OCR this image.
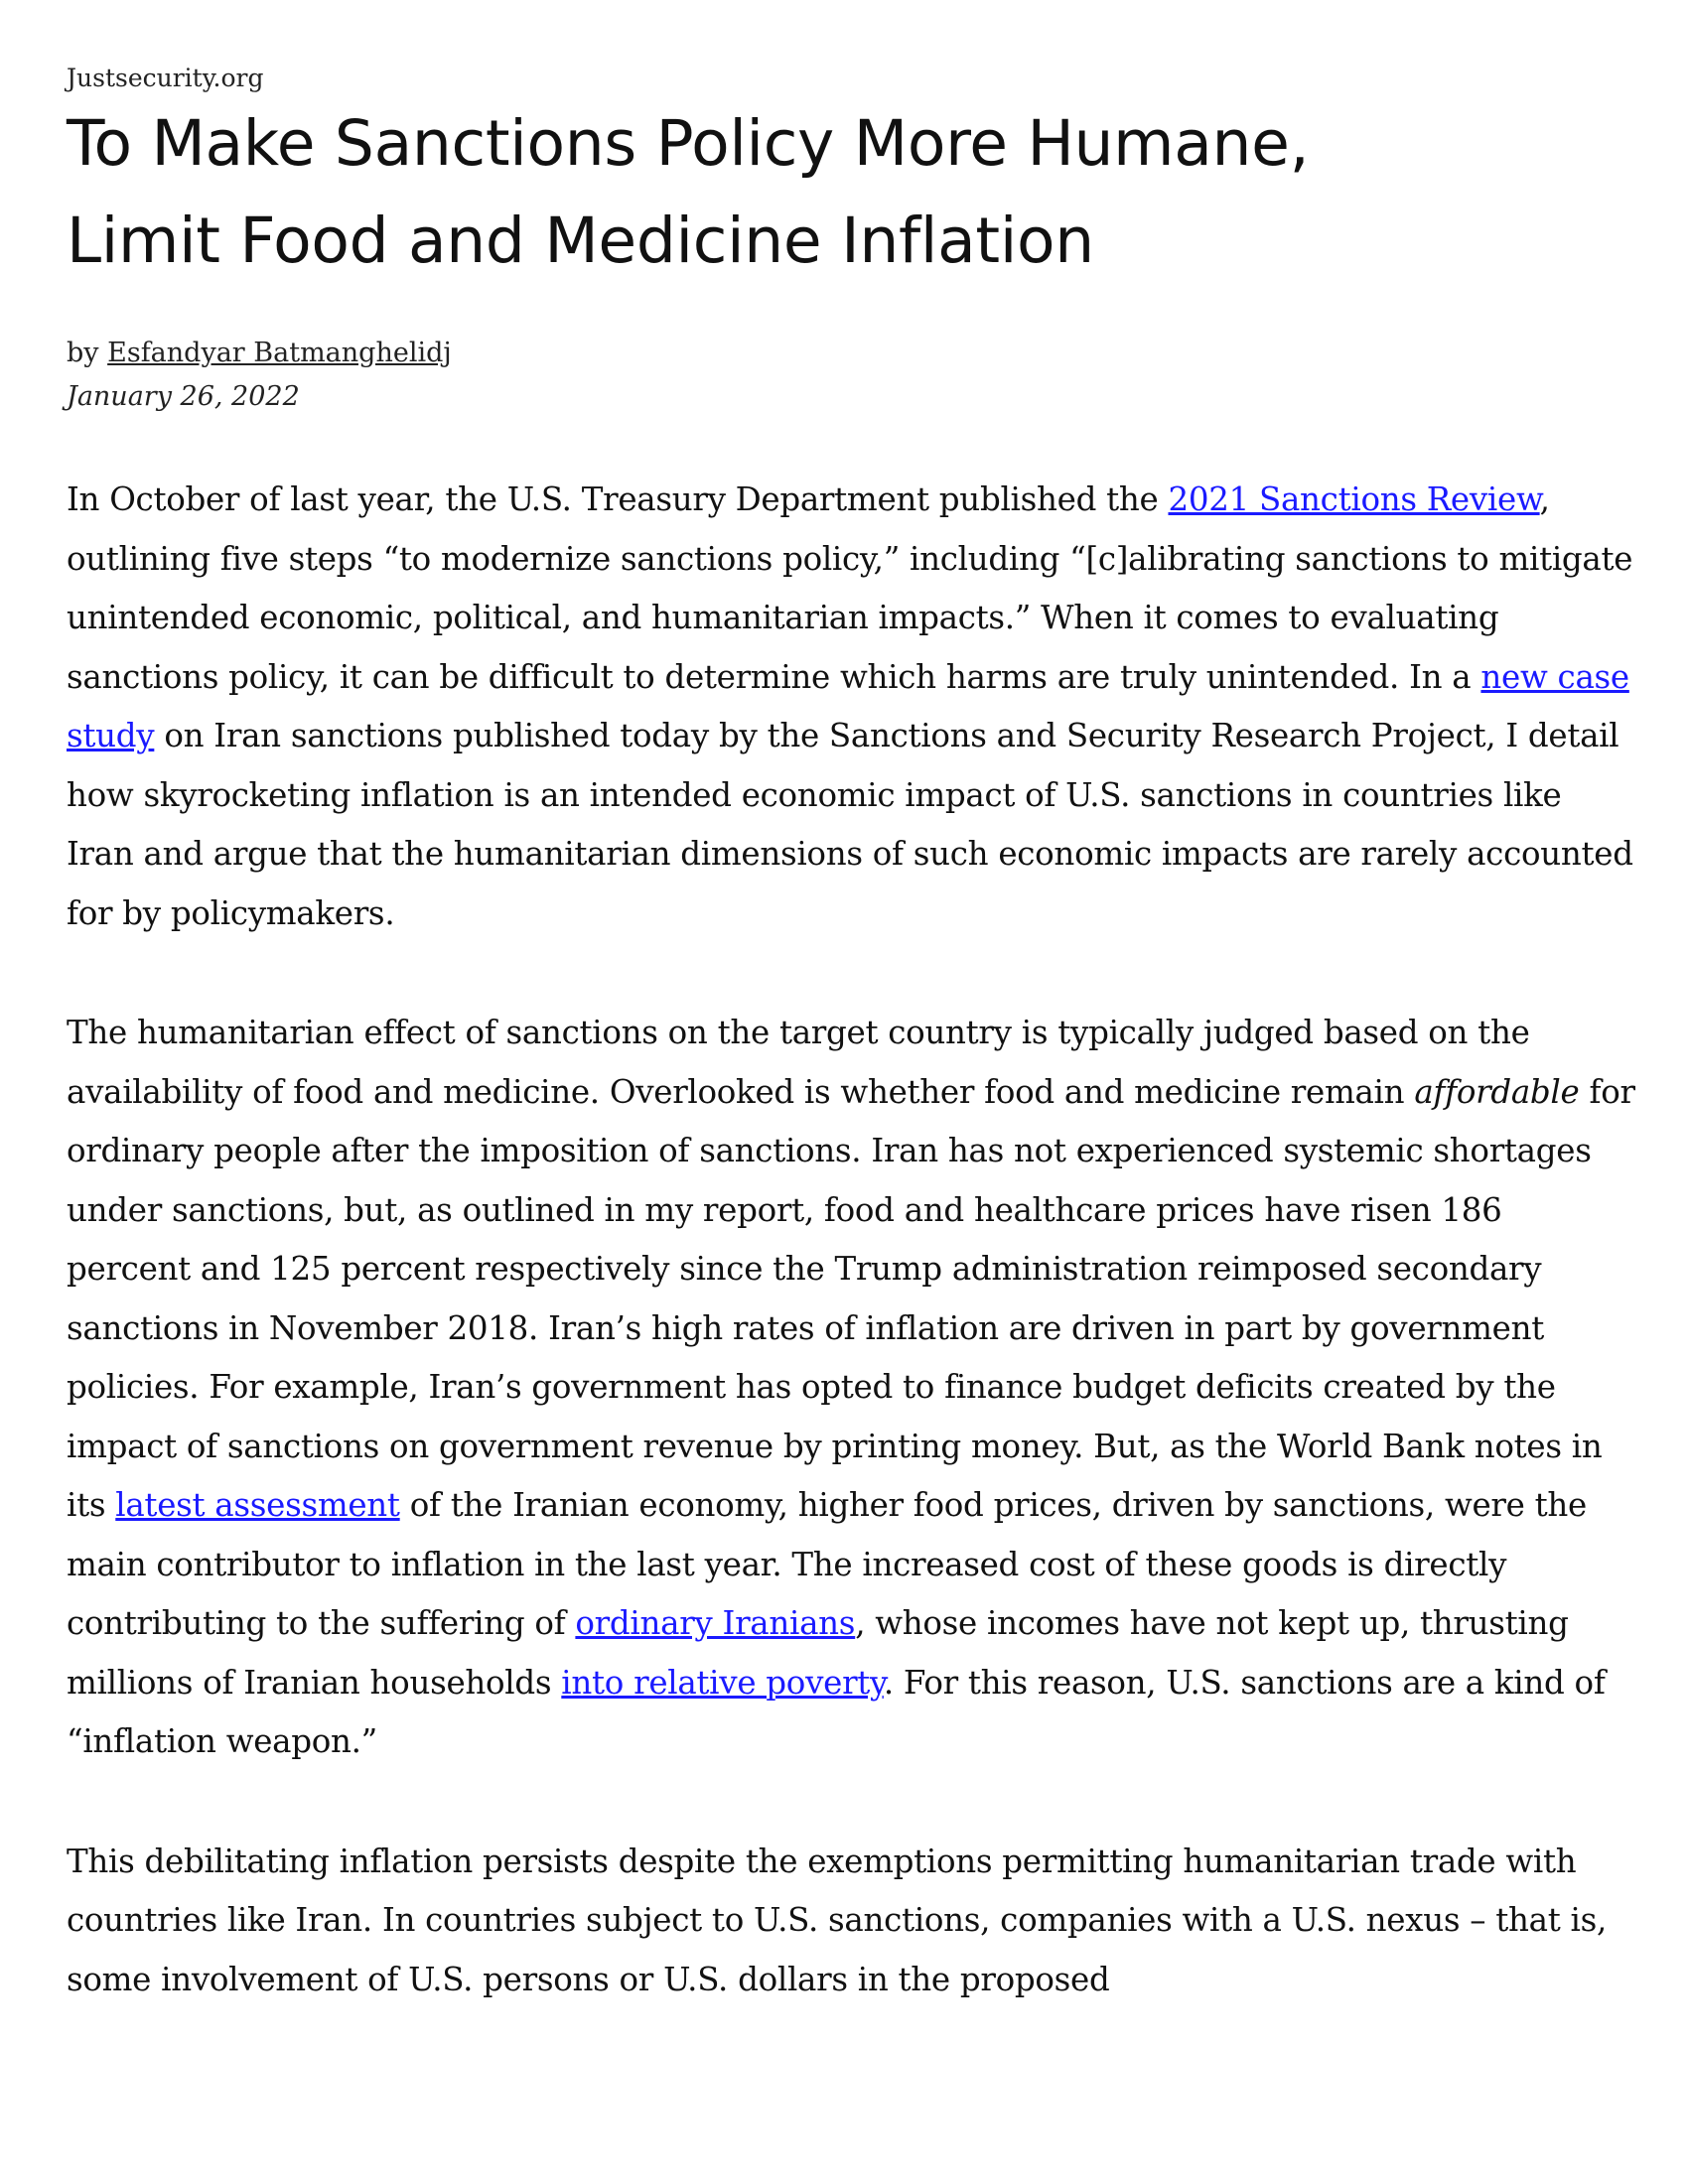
Justsecurity.org

To Make Sanctions Policy More Humane,
Limit Food and Medicine Inflation
by Esfandyar Batmanghelidj
January 26, 2022

In October of last year, the U.S. Treasury Department published the 2021 Sanctions Review, outlining five steps “to modernize sanctions policy,” including “[c]alibrating sanctions to mitigate unintended economic, political, and humanitarian impacts.” When it comes to evaluating sanctions policy, it can be difficult to determine which harms are truly unintended. In a new case study on Iran sanctions published today by the Sanctions and Security Research Project, I detail how skyrocketing inflation is an intended economic impact of U.S. sanctions in countries like Iran and argue that the humanitarian dimensions of such economic impacts are rarely accounted for by policymakers.

The humanitarian effect of sanctions on the target country is typically judged based on the availability of food and medicine. Overlooked is whether food and medicine remain affordable for ordinary people after the imposition of sanctions. Iran has not experienced systemic shortages under sanctions, but, as outlined in my report, food and healthcare prices have risen 186 percent and 125 percent respectively since the Trump administration reimposed secondary sanctions in November 2018. Iran’s high rates of inflation are driven in part by government policies. For example, Iran’s government has opted to finance budget deficits created by the impact of sanctions on government revenue by printing money. But, as the World Bank notes in its latest assessment of the Iranian economy, higher food prices, driven by sanctions, were the main contributor to inflation in the last year. The increased cost of these goods is directly contributing to the suffering of ordinary Iranians, whose incomes have not kept up, thrusting millions of Iranian households into relative poverty. For this reason, U.S. sanctions are a kind of “inflation weapon.”

This debilitating inflation persists despite the exemptions permitting humanitarian trade with countries like Iran. In countries subject to U.S. sanctions, companies with a U.S. nexus – that is, some involvement of U.S. persons or U.S. dollars in the proposed
